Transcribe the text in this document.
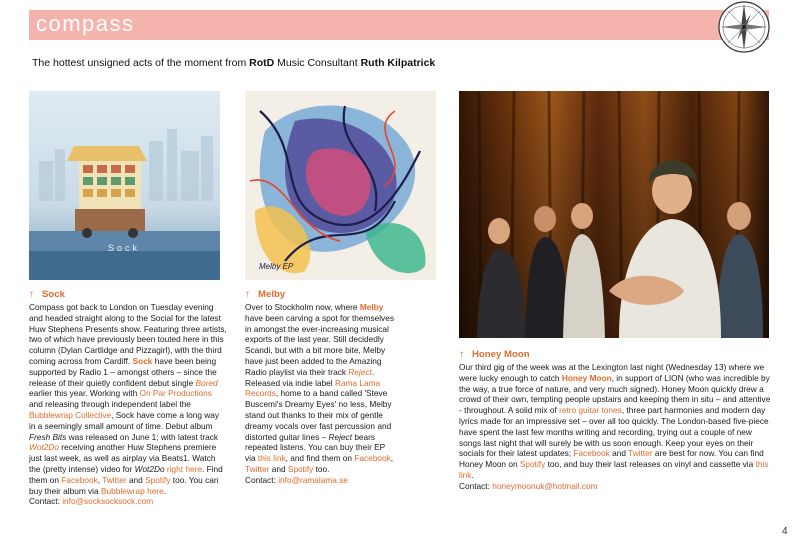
compass
The hottest unsigned acts of the moment from RotD Music Consultant Ruth Kilpatrick
Sock
Melby EP
↑ Sock
Compass got back to London on Tuesday evening and headed straight along to the Social for the latest Huw Stephens Presents show. Featuring three artists, two of which have previously been touted here in this column (Dylan Cartlidge and Pizzagirl), with the third coming across from Cardiff. Sock have been being supported by Radio 1 – amongst others – since the release of their quietly confident debut single Bored earlier this year. Working with On Par Productions and releasing through independent label the Bubblewrap Collective, Sock have come a long way in a seemingly small amount of time. Debut album Fresh Bits was released on June 1; with latest track Wot2Do receiving another Huw Stephens premiere just last week, as well as airplay via Beats1. Watch the (pretty intense) video for Wot2Do right here. Find them on Facebook, Twitter and Spotify too. You can buy their album via Bubblewrap here.
Contact: info@socksocksock.com
↑ Melby
Over to Stockholm now, where Melby have been carving a spot for themselves in amongst the ever-increasing musical exports of the last year. Still decidedly Scandi, but with a bit more bite, Melby have just been added to the Amazing Radio playlist via their track Reject. Released via indie label Rama Lama Records, home to a band called 'Steve Buscemi's Dreamy Eyes' no less, Melby stand out thanks to their mix of gentle dreamy vocals over fast percussion and distorted guitar lines – Reject bears repeated listens. You can buy their EP via this link, and find them on Facebook, Twitter and Spotify too.
Contact: info@ramalama.se
↑ Honey Moon
Our third gig of the week was at the Lexington last night (Wednesday 13) where we were lucky enough to catch Honey Moon, in support of LION (who was incredible by the way, a true force of nature, and very much signed). Honey Moon quickly drew a crowd of their own, tempting people upstairs and keeping them in situ – and attentive - throughout. A solid mix of retro guitar tones, three part harmonies and modern day lyrics made for an impressive set – over all too quickly. The London-based five-piece have spent the last few months writing and recording, trying out a couple of new songs last night that will surely be with us soon enough. Keep your eyes on their socials for their latest updates; Facebook and Twitter are best for now. You can find Honey Moon on Spotify too, and buy their last releases on vinyl and cassette via this link.
Contact: honeymoonuk@hotmail.com
4
